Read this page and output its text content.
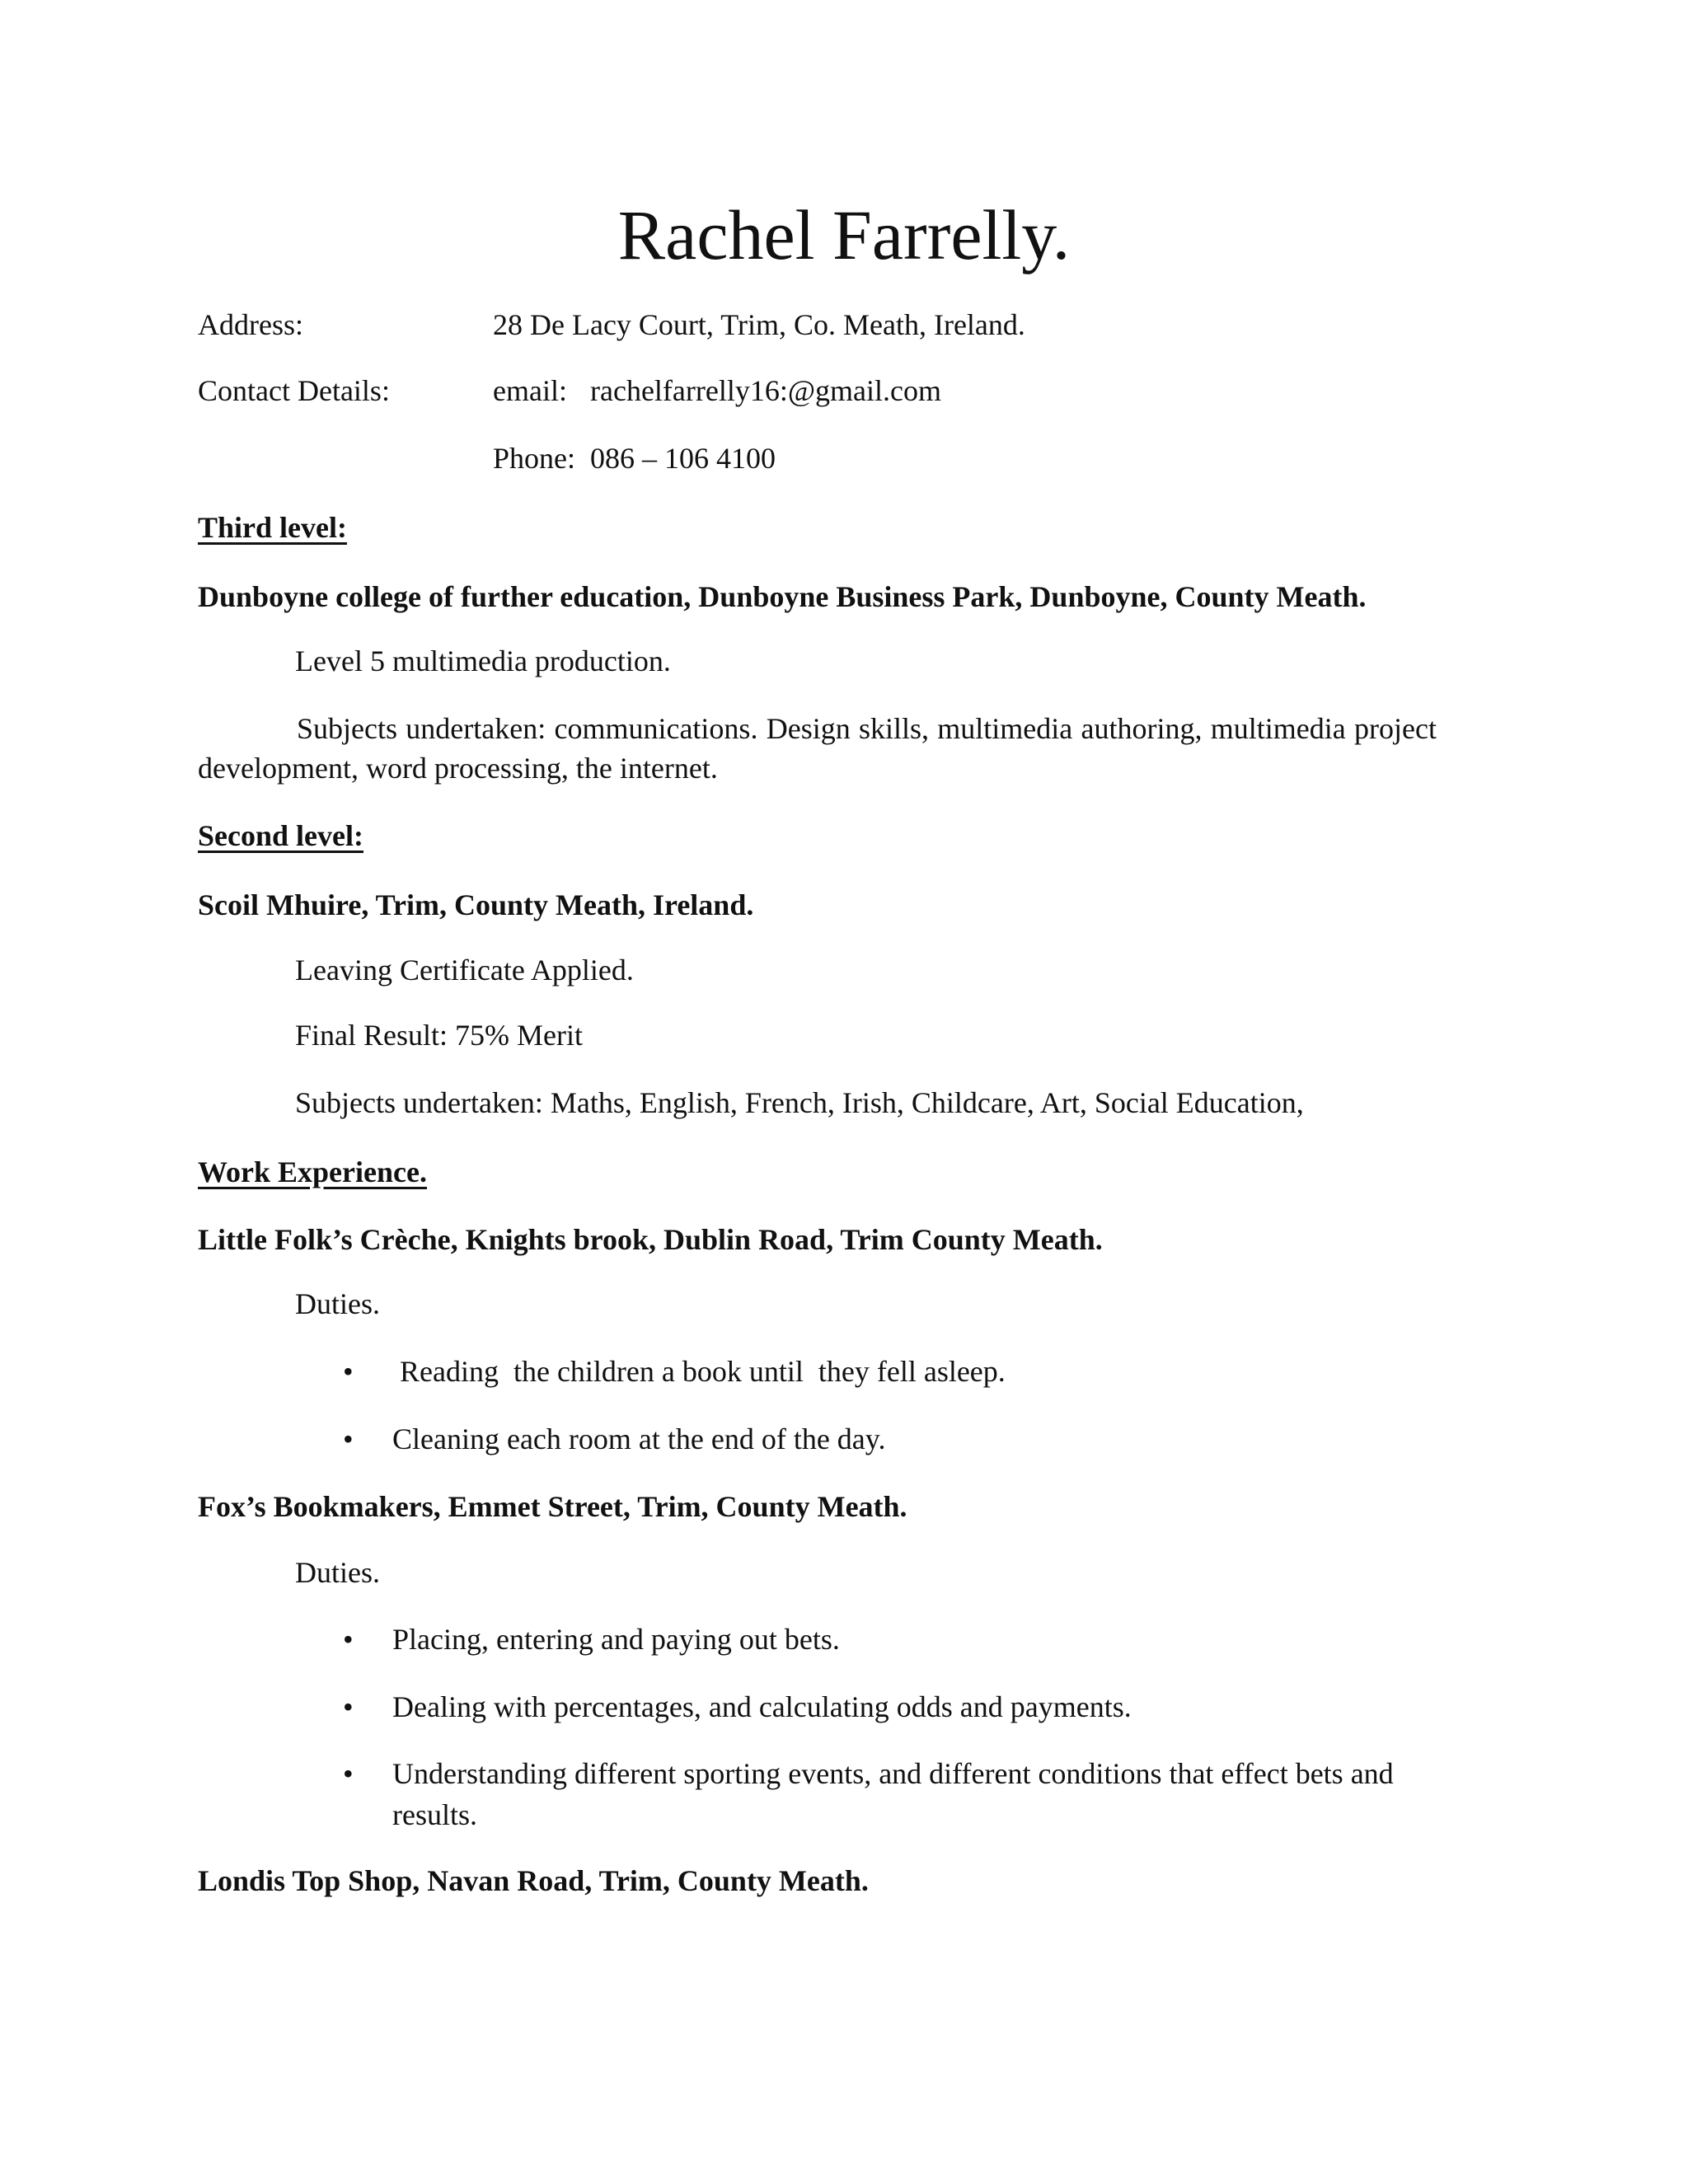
Rachel Farrelly.
Address:	28 De Lacy Court, Trim, Co. Meath, Ireland.
Contact Details:	email: rachelfarrelly16:@gmail.com
Phone: 086 – 106 4100
Third level:
Dunboyne college of further education, Dunboyne Business Park, Dunboyne, County Meath.
Level 5 multimedia production.
Subjects undertaken: communications. Design skills, multimedia authoring, multimedia project development, word processing, the internet.
Second level:
Scoil Mhuire, Trim, County Meath, Ireland.
Leaving Certificate Applied.
Final Result: 75% Merit
Subjects undertaken: Maths, English, French, Irish, Childcare, Art, Social Education,
Work Experience.
Little Folk’s Crèche, Knights brook, Dublin Road, Trim County Meath.
Duties.
• Reading  the children a book until  they fell asleep.
• Cleaning each room at the end of the day.
Fox’s Bookmakers, Emmet Street, Trim, County Meath.
Duties.
• Placing, entering and paying out bets.
• Dealing with percentages, and calculating odds and payments.
• Understanding different sporting events, and different conditions that effect bets and results.
Londis Top Shop, Navan Road, Trim, County Meath.
